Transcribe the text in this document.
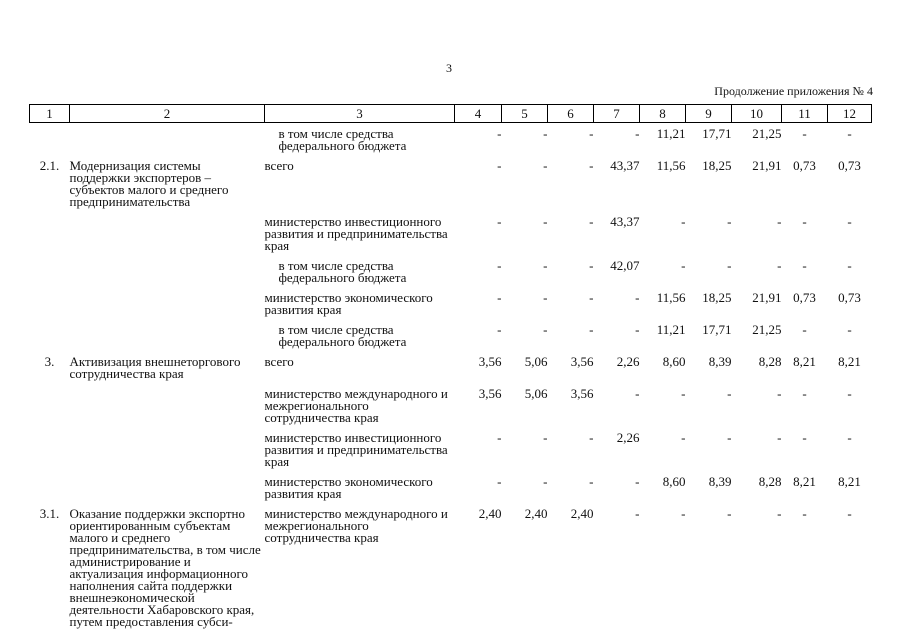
3
Продолжение приложения № 4
1	2	3	4	5	6	7	8	9	10	11	12
		в том числе средства федерального бюджета	-	-	-	-	11,21	17,71	21,25	-	-
2.1.	Модернизация системы поддержки экспортеров – субъектов малого и среднего предпринимательства	всего	-	-	-	43,37	11,56	18,25	21,91	0,73	0,73
		министерство инвестиционного развития и предпринимательства края	-	-	-	43,37	-	-	-	-	-
		в том числе средства федерального бюджета	-	-	-	42,07	-	-	-	-	-
		министерство экономического развития края	-	-	-	-	11,56	18,25	21,91	0,73	0,73
		в том числе средства федерального бюджета	-	-	-	-	11,21	17,71	21,25	-	-
3.	Активизация внешнеторгового сотрудничества края	всего	3,56	5,06	3,56	2,26	8,60	8,39	8,28	8,21	8,21
		министерство международного и межрегионального сотрудничества края	3,56	5,06	3,56	-	-	-	-	-	-
		министерство инвестиционного развития и предпринимательства края	-	-	-	2,26	-	-	-	-	-
		министерство экономического развития края	-	-	-	-	8,60	8,39	8,28	8,21	8,21
3.1.	Оказание поддержки экспортно ориентированным субъектам малого и среднего предпринимательства, в том числе администрирование и актуализация информационного наполнения сайта поддержки внешнеэкономической деятельности Хабаровского края, путем предоставления субси-	министерство международного и межрегионального сотрудничества края	2,40	2,40	2,40	-	-	-	-	-	-
